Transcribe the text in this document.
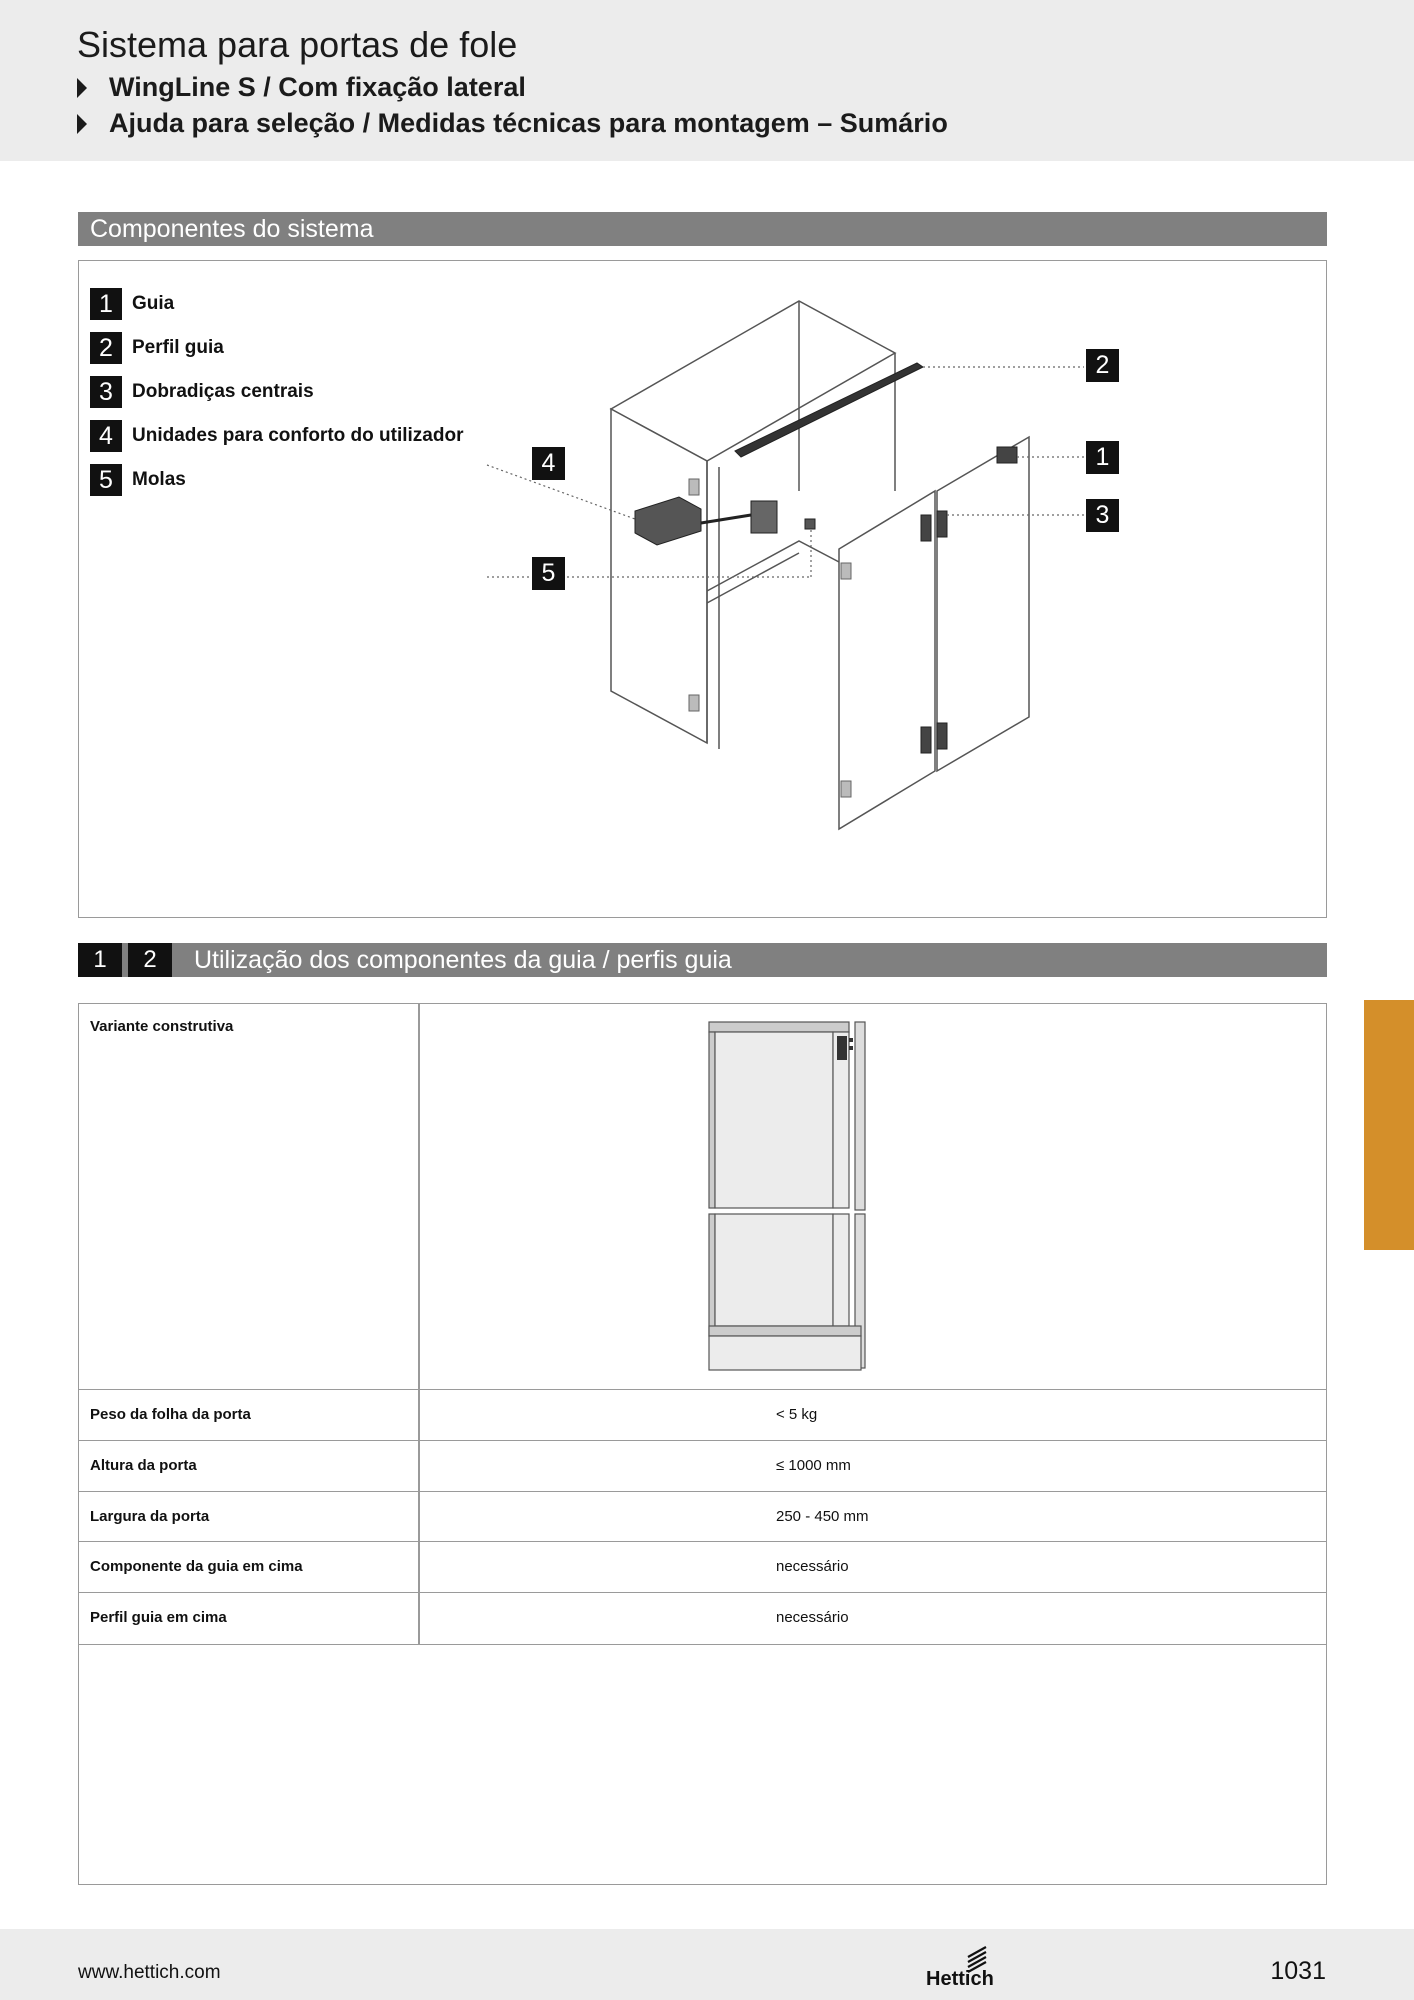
Sistema para portas de fole
WingLine S / Com fixação lateral
Ajuda para seleção / Medidas técnicas para montagem – Sumário
Componentes do sistema
1	Guia
2	Perfil guia
3	Dobradiças centrais
4	Unidades para conforto do utilizador
5	Molas
2
1
3
4
5
1	2	Utilização dos componentes da guia / perfis guia
Variante construtiva
Peso da folha da porta	< 5 kg
Altura da porta	≤ 1000 mm
Largura da porta	250 - 450 mm
Componente da guia em cima	necessário
Perfil guia em cima	necessário
www.hettich.com	Hettich	1031
